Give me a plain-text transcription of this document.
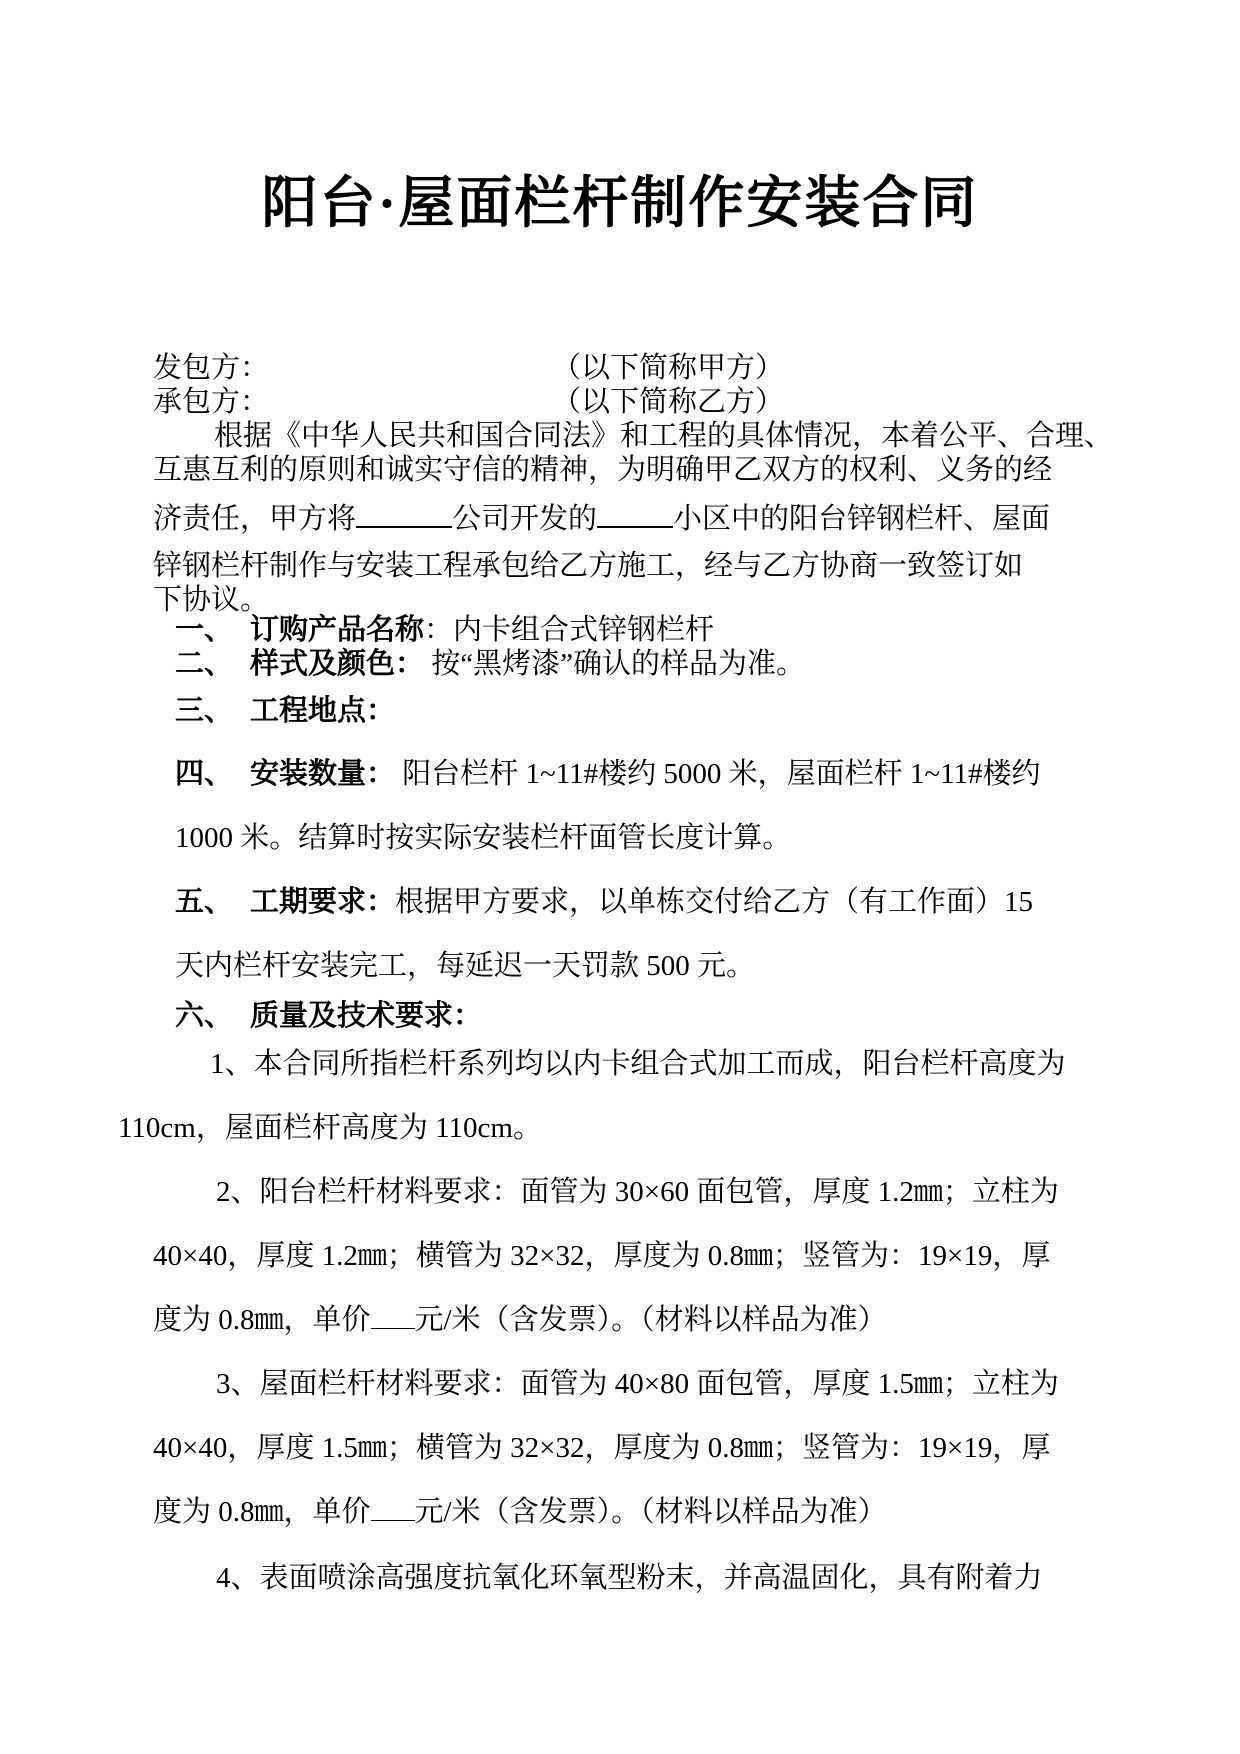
阳台·屋面栏杆制作安装合同
发包方：	（以下简称甲方）
承包方：	（以下简称乙方）
根据《中华人民共和国合同法》和工程的具体情况，本着公平、合理、
互惠互利的原则和诚实守信的精神，为明确甲乙双方的权利、义务的经
济责任，甲方将	公司开发的	小区中的阳台锌钢栏杆、屋面
锌钢栏杆制作与安装工程承包给乙方施工，经与乙方协商一致签订如
下协议。
一、 订购产品名称：内卡组合式锌钢栏杆
二、 样式及颜色： 按“黑烤漆”确认的样品为准。
三、 工程地点：
四、 安装数量： 阳台栏杆 1~11#楼约 5000 米，屋面栏杆 1~11#楼约
1000 米。结算时按实际安装栏杆面管长度计算。
五、 工期要求：根据甲方要求，以单栋交付给乙方（有工作面）15
天内栏杆安装完工，每延迟一天罚款 500 元。
六、 质量及技术要求：
1、本合同所指栏杆系列均以内卡组合式加工而成，阳台栏杆高度为
110cm，屋面栏杆高度为 110cm。
2、阳台栏杆材料要求：面管为 30×60 面包管，厚度 1.2㎜；立柱为
40×40，厚度 1.2㎜；横管为 32×32，厚度为 0.8㎜；竖管为：19×19，厚
度为 0.8㎜，单价 元/米（含发票）。（材料以样品为准）
3、屋面栏杆材料要求：面管为 40×80 面包管，厚度 1.5㎜；立柱为
40×40，厚度 1.5㎜；横管为 32×32，厚度为 0.8㎜；竖管为：19×19，厚
度为 0.8㎜，单价 元/米（含发票）。（材料以样品为准）
4、表面喷涂高强度抗氧化环氧型粉末，并高温固化，具有附着力
